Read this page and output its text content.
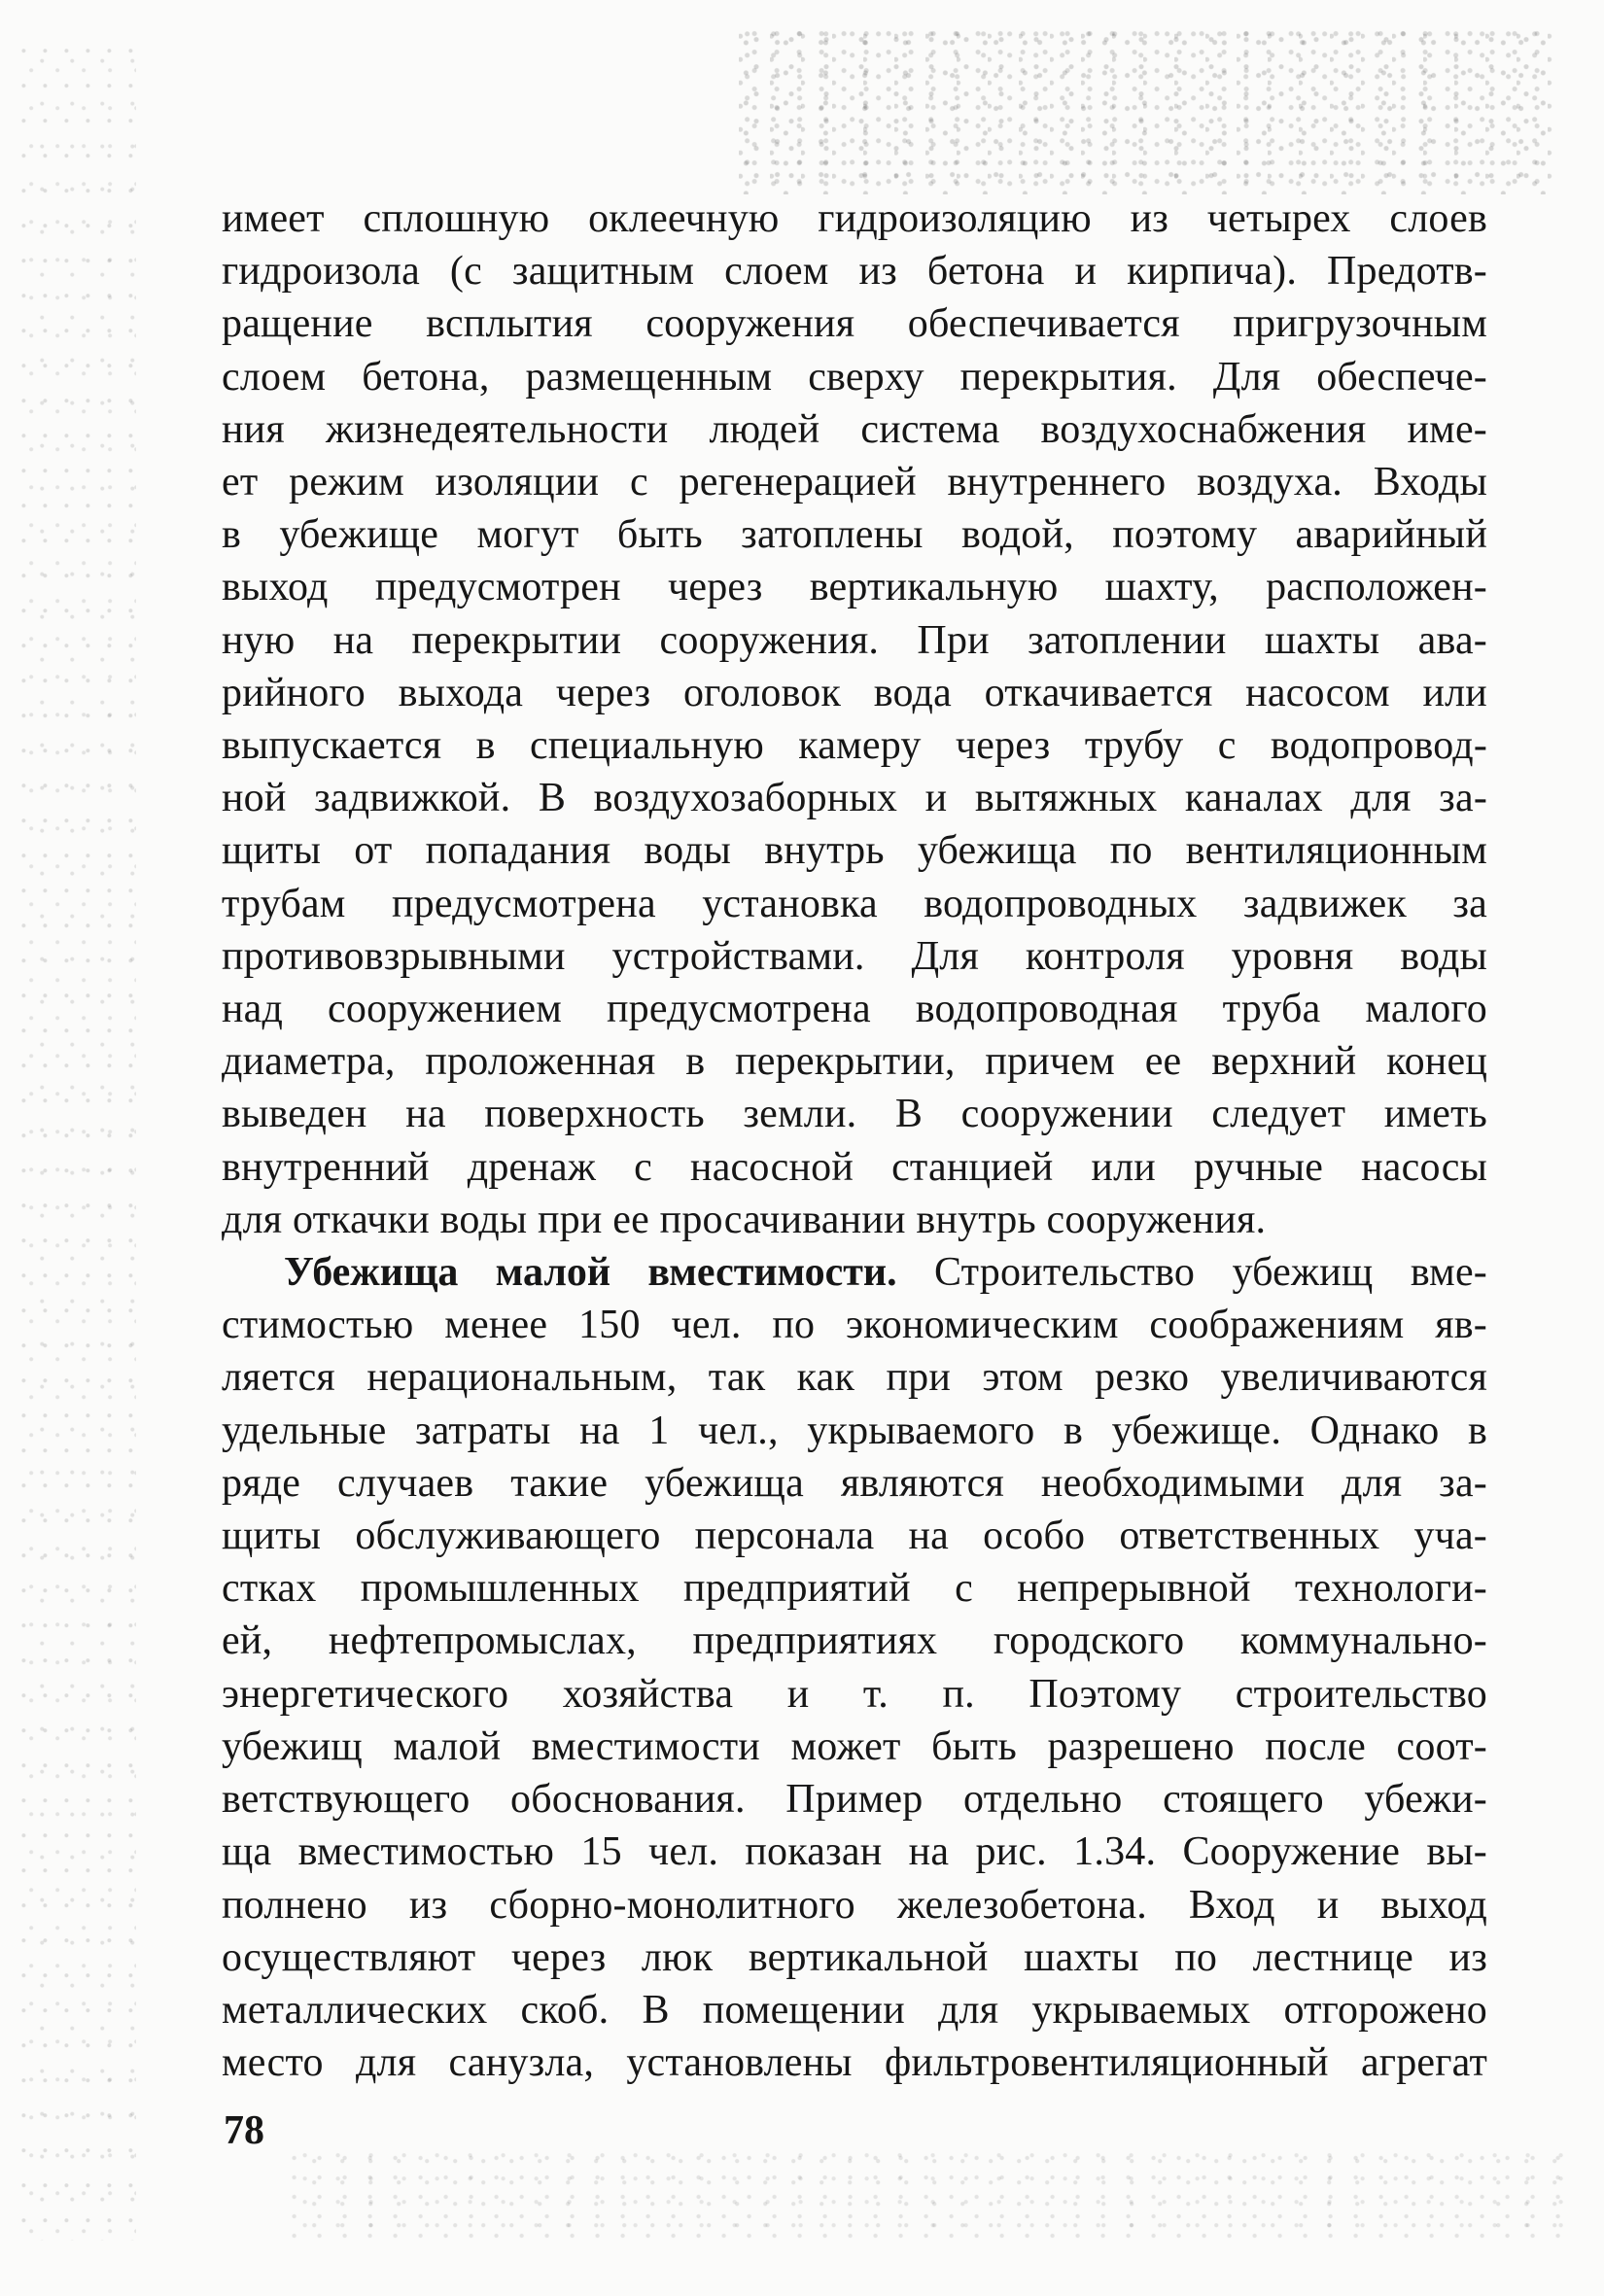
имеет сплошную оклеечную гидроизоляцию из четырех слоев
гидроизола (с защитным слоем из бетона и кирпича). Предотв-
ращение всплытия сооружения обеспечивается пригрузочным
слоем бетона, размещенным сверху перекрытия. Для обеспече-
ния жизнедеятельности людей система воздухоснабжения име-
ет режим изоляции с регенерацией внутреннего воздуха. Входы
в убежище могут быть затоплены водой, поэтому аварийный
выход предусмотрен через вертикальную шахту, расположен-
ную на перекрытии сооружения. При затоплении шахты ава-
рийного выхода через оголовок вода откачивается насосом или
выпускается в специальную камеру через трубу с водопровод-
ной задвижкой. В воздухозаборных и вытяжных каналах для за-
щиты от попадания воды внутрь убежища по вентиляционным
трубам предусмотрена установка водопроводных задвижек за
противовзрывными устройствами. Для контроля уровня воды
над сооружением предусмотрена водопроводная труба малого
диаметра, проложенная в перекрытии, причем ее верхний конец
выведен на поверхность земли. В сооружении следует иметь
внутренний дренаж с насосной станцией или ручные насосы
для откачки воды при ее просачивании внутрь сооружения.
Убежища малой вместимости. Строительство убежищ вме-
стимостью менее 150 чел. по экономическим соображениям яв-
ляется нерациональным, так как при этом резко увеличиваются
удельные затраты на 1 чел., укрываемого в убежище. Однако в
ряде случаев такие убежища являются необходимыми для за-
щиты обслуживающего персонала на особо ответственных уча-
стках промышленных предприятий с непрерывной технологи-
ей, нефтепромыслах, предприятиях городского коммунально-
энергетического хозяйства и т. п. Поэтому строительство
убежищ малой вместимости может быть разрешено после соот-
ветствующего обоснования. Пример отдельно стоящего убежи-
ща вместимостью 15 чел. показан на рис. 1.34. Сооружение вы-
полнено из сборно-монолитного железобетона. Вход и выход
осуществляют через люк вертикальной шахты по лестнице из
металлических скоб. В помещении для укрываемых отгорожено
место для санузла, установлены фильтровентиляционный агрегат
78
